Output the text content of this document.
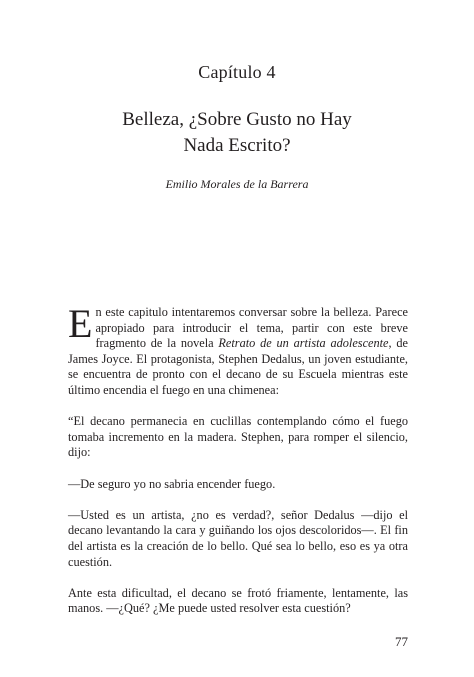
Capítulo 4
Belleza, ¿Sobre Gusto no Hay
Nada Escrito?
Emilio Morales de la Barrera

En este capitulo intentaremos conversar sobre la belleza. Parece apropiado para introducir el tema, partir con este breve fragmento de la novela Retrato de un artista adolescente, de James Joyce. El protagonista, Stephen Dedalus, un joven estudiante, se encuentra de pronto con el decano de su Escuela mientras este último encendia el fuego en una chimenea:

“El decano permanecia en cuclillas contemplando cómo el fuego tomaba incremento en la madera. Stephen, para romper el silencio, dijo:

—De seguro yo no sabria encender fuego.

—Usted es un artista, ¿no es verdad?, señor Dedalus —dijo el decano levantando la cara y guiñando los ojos descoloridos—. El fin del artista es la creación de lo bello. Qué sea lo bello, eso es ya otra cuestión.

Ante esta dificultad, el decano se frotó friamente, lentamente, las manos. —¿Qué? ¿Me puede usted resolver esta cuestión?

77
